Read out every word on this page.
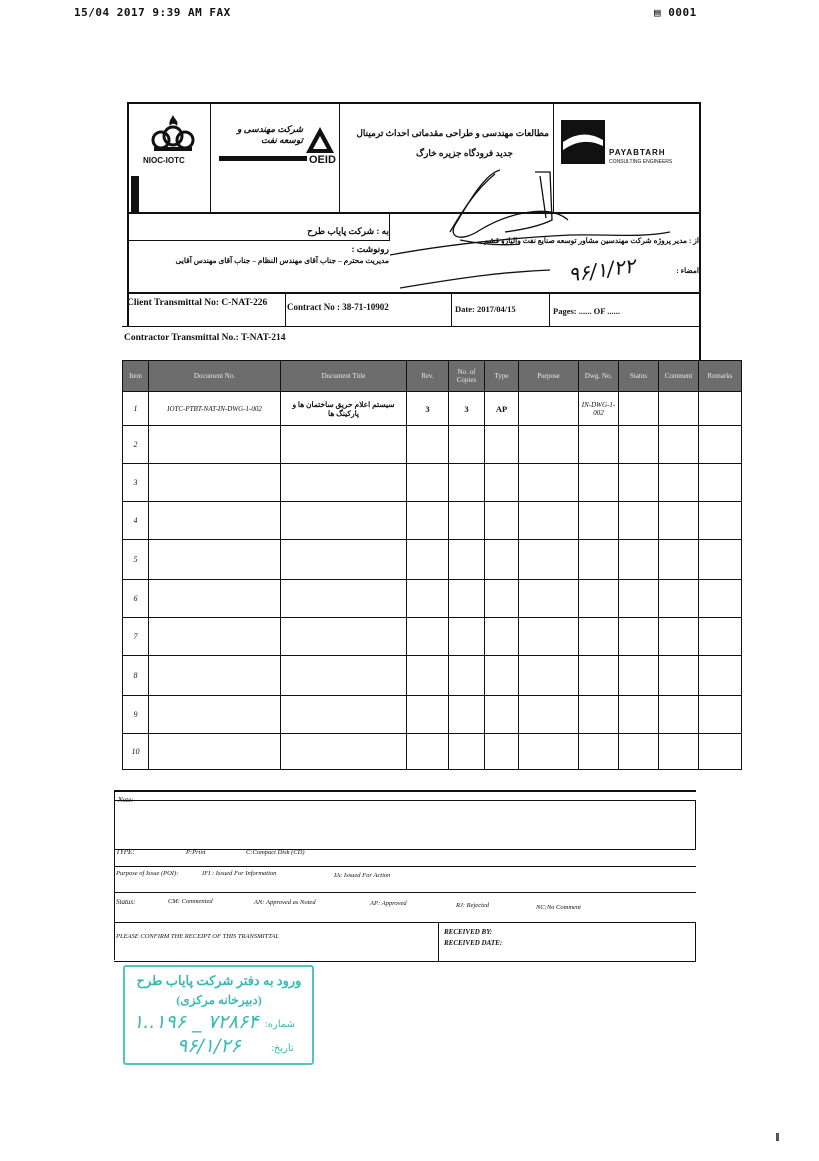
15/04 2017 9:39 AM FAX	▤ 0001
NIOC-IOTC
شرکت مهندسی و توسعه نفت
OEID
مطالعات مهندسی و طراحی مقدماتی احداث ترمینال
جدید فرودگاه جزیره خارگ	PAYABTARH
CONSULTING ENGINEERS
به : شرکت پایاب طرح
رونوشت :
مدیریت محترم – جناب آقای مهندس النظام – جناب آقای مهندس آقایی
از : مدیر پروژه شرکت مهندسین مشاور توسعه صنایع نفت والیاژو قشم
امضاء :
۹۶/۱/۲۲
Client Transmittal No: C-NAT-226 Contract No : 38-71-10902	Date: 2017/04/15	Pages: ...... OF ......
Contractor Transmittal No.: T-NAT-214
Item	Document No.	Document Title	Rev.	No. of Copies	Type	Purpose	Dwg. No.	Status	Comment	Remarks
1	IOTC-PTBT-NAT-IN-DWG-1-002	سیستم اعلام حریق ساختمان ها و پارکینگ ها	3	3	AP		IN-DWG-1-002			
2										
3										
4										
5										
6										
7										
8										
9										
10										
Note:
TYPE:	P:Print	C:Compact Disk (CD)
Purpose of Issue (POI):	IFI : Issued For Information	IA: Issued For Action
Status:	CM: Commented	AN: Approved as Noted	AP: Approved	RJ: Rejected	NC:No Comment
PLEASE CONFIRM THE RECEIPT OF THIS TRANSMITTAL
RECEIVED BY:
RECEIVED DATE:
ورود به دفتر شرکت پایاب طرح
(دبیرخانه مرکزی)
شماره:
۱..۱۹۶ _ ۷۲۸۶۴
تاریخ:
۹۶/۱/۲۶
